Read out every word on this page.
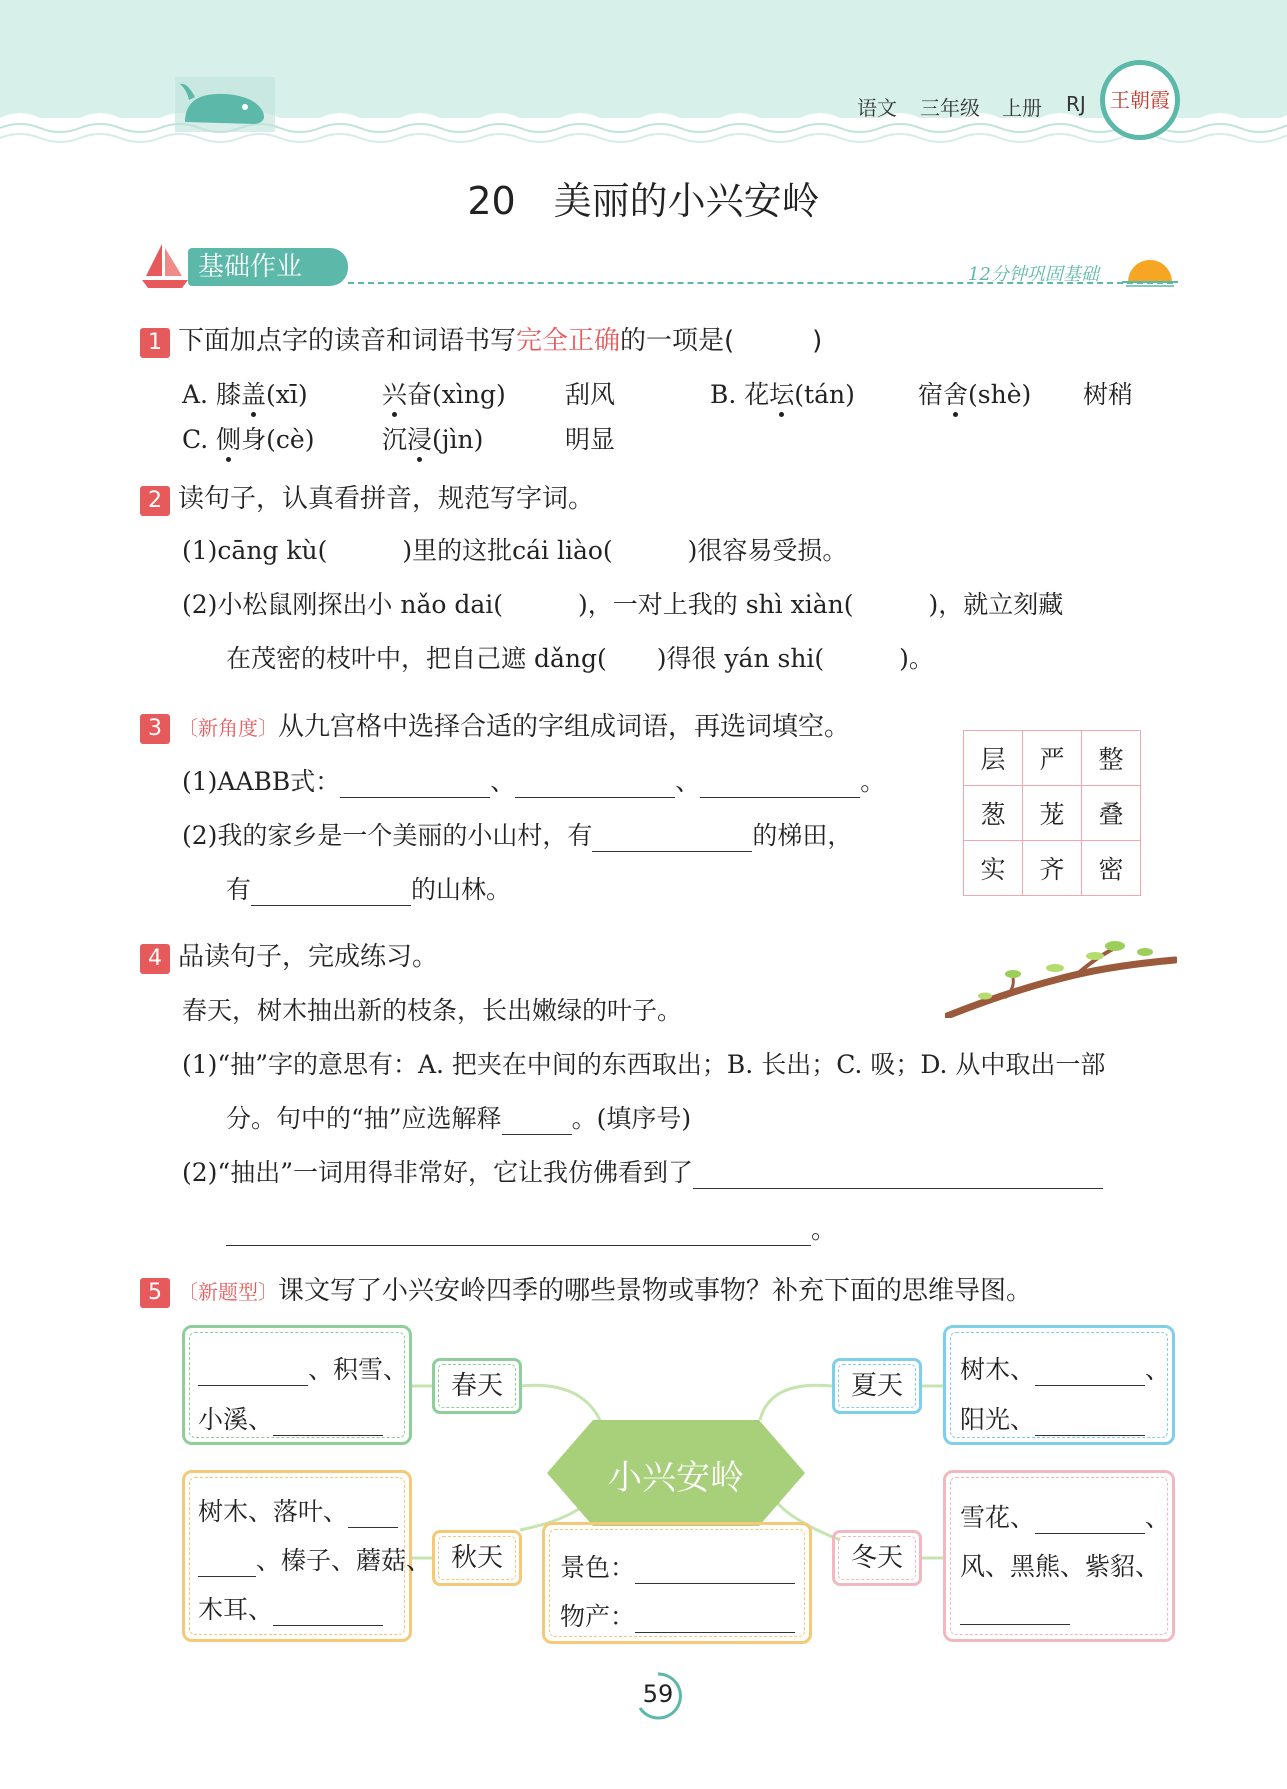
语文 三年级 上册 RJ	王朝霞
20　美丽的小兴安岭
基础作业	12分钟巩固基础
1 下面加点字的读音和词语书写完全正确的一项是(　　　)
A. 膝盖(xī)	兴奋(xìng) 刮风	B. 花坛(tán)	宿舍(shè) 树稍
C. 侧身(cè)	沉浸(jìn)	明显
2 读句子，认真看拼音，规范写字词。
(1)cāng kù(　　　)里的这批cái liào(　　　)很容易受损。
(2)小松鼠刚探出小 nǎo dai(　　　)，一对上我的 shì xiàn(　　　)，就立刻藏
在茂密的枝叶中，把自己遮 dǎng(　　)得很 yán shi(　　　)。
3 〔新角度〕从九宫格中选择合适的字组成词语，再选词填空。
(1)AABB式：	、	、	。
(2)我的家乡是一个美丽的小山村，有	的梯田，
有	的山林。
层	严	整
葱	茏	叠
实	齐	密
4 品读句子，完成练习。
春天，树木抽出新的枝条，长出嫩绿的叶子。
(1)“抽”字的意思有：A. 把夹在中间的东西取出；B. 长出；C. 吸；D. 从中取出一部
分。句中的“抽”应选解释	。(填序号)
(2)“抽出”一词用得非常好，它让我仿佛看到了
。
5 〔新题型〕课文写了小兴安岭四季的哪些景物或事物？补充下面的思维导图。
、积雪、
小溪、
春天	夏天
树木、	、
阳光、
小兴安岭
树木、落叶、
、榛子、蘑菇、
木耳、
秋天	景色：
物产：
冬天
雪花、	、
风、黑熊、紫貂、
59
